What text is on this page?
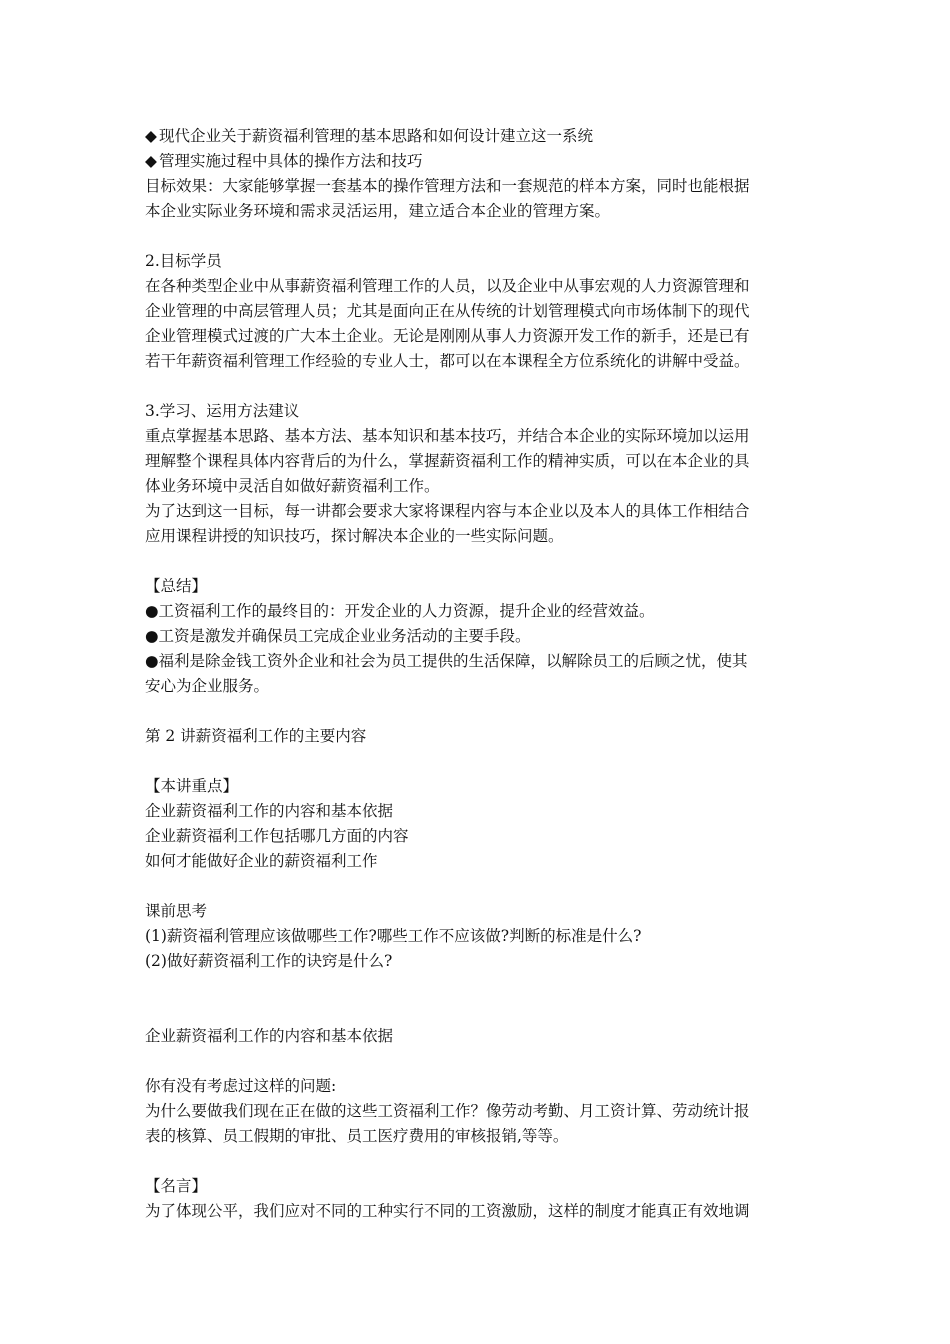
◆ 现代企业关于薪资福利管理的基本思路和如何设计建立这一系统
◆ 管理实施过程中具体的操作方法和技巧
目标效果：大家能够掌握一套基本的操作管理方法和一套规范的样本方案，同时也能根据
本企业实际业务环境和需求灵活运用，建立适合本企业的管理方案。
2.目标学员
在各种类型企业中从事薪资福利管理工作的人员，以及企业中从事宏观的人力资源管理和
企业管理的中高层管理人员；尤其是面向正在从传统的计划管理模式向市场体制下的现代
企业管理模式过渡的广大本土企业。无论是刚刚从事人力资源开发工作的新手，还是已有
若干年薪资福利管理工作经验的专业人士，都可以在本课程全方位系统化的讲解中受益。
3.学习、运用方法建议
重点掌握基本思路、基本方法、基本知识和基本技巧，并结合本企业的实际环境加以运用
理解整个课程具体内容背后的为什么，掌握薪资福利工作的精神实质，可以在本企业的具
体业务环境中灵活自如做好薪资福利工作。
为了达到这一目标，每一讲都会要求大家将课程内容与本企业以及本人的具体工作相结合
应用课程讲授的知识技巧，探讨解决本企业的一些实际问题。
【总结】
●工资福利工作的最终目的：开发企业的人力资源，提升企业的经营效益。
●工资是激发并确保员工完成企业业务活动的主要手段。
●福利是除金钱工资外企业和社会为员工提供的生活保障，以解除员工的后顾之忧，使其
安心为企业服务。
第 2 讲薪资福利工作的主要内容
【本讲重点】
企业薪资福利工作的内容和基本依据
企业薪资福利工作包括哪几方面的内容
如何才能做好企业的薪资福利工作
课前思考
(1)薪资福利管理应该做哪些工作?哪些工作不应该做?判断的标准是什么?
(2)做好薪资福利工作的诀窍是什么?
企业薪资福利工作的内容和基本依据
你有没有考虑过这样的问题:
为什么要做我们现在正在做的这些工资福利工作？像劳动考勤、月工资计算、劳动统计报
表的核算、员工假期的审批、员工医疗费用的审核报销,等等。
【名言】
为了体现公平，我们应对不同的工种实行不同的工资激励，这样的制度才能真正有效地调
